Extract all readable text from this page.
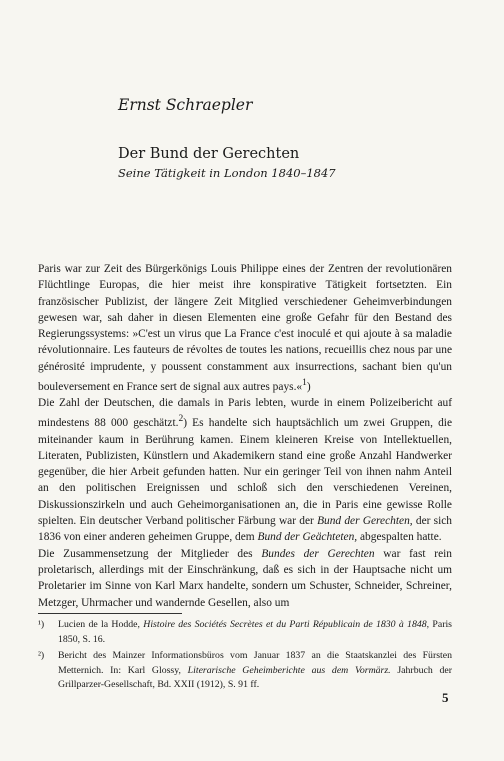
Ernst Schraepler
Der Bund der Gerechten
Seine Tätigkeit in London 1840–1847

Paris war zur Zeit des Bürgerkönigs Louis Philippe eines der Zentren der revolutionären Flüchtlinge Europas, die hier meist ihre konspirative Tätigkeit fortsetzten. Ein französischer Publizist, der längere Zeit Mitglied verschiedener Geheimverbindungen gewesen war, sah daher in diesen Elementen eine große Gefahr für den Bestand des Regierungssystems: »C'est un virus que La France c'est inoculé et qui ajoute à sa maladie révolutionnaire. Les fauteurs de révoltes de toutes les nations, recueillis chez nous par une générosité imprudente, y poussent constamment aux insurrections, sachant bien qu'un bouleversement en France sert de signal aux autres pays.«$^1$)

Die Zahl der Deutschen, die damals in Paris lebten, wurde in einem Polizeibericht auf mindestens 88 000 geschätzt.$^2$) Es handelte sich hauptsächlich um zwei Gruppen, die miteinander kaum in Berührung kamen. Einem kleineren Kreise von Intellektuellen, Literaten, Publizisten, Künstlern und Akademikern stand eine große Anzahl Handwerker gegenüber, die hier Arbeit gefunden hatten. Nur ein geringer Teil von ihnen nahm Anteil an den politischen Ereignissen und schloß sich den verschiedenen Vereinen, Diskussionszirkeln und auch Geheimorganisationen an, die in Paris eine gewisse Rolle spielten. Ein deutscher Verband politischer Färbung war der Bund der Gerechten, der sich 1836 von einer anderen geheimen Gruppe, dem Bund der Geächteten, abgespalten hatte.

Die Zusammensetzung der Mitglieder des Bundes der Gerechten war fast rein proletarisch, allerdings mit der Einschränkung, daß es sich in der Hauptsache nicht um Proletarier im Sinne von Karl Marx handelte, sondern um Schuster, Schneider, Schreiner, Metzger, Uhrmacher und wandernde Gesellen, also um

¹) Lucien de la Hodde, Histoire des Sociétés Secrètes et du Parti Républicain de 1830 à 1848, Paris 1850, S. 16.
²) Bericht des Mainzer Informationsbüros vom Januar 1837 an die Staatskanzlei des Fürsten Metternich. In: Karl Glossy, Literarische Geheimberichte aus dem Vormärz. Jahrbuch der Grillparzer-Gesellschaft, Bd. XXII (1912), S. 91 ff.
5
